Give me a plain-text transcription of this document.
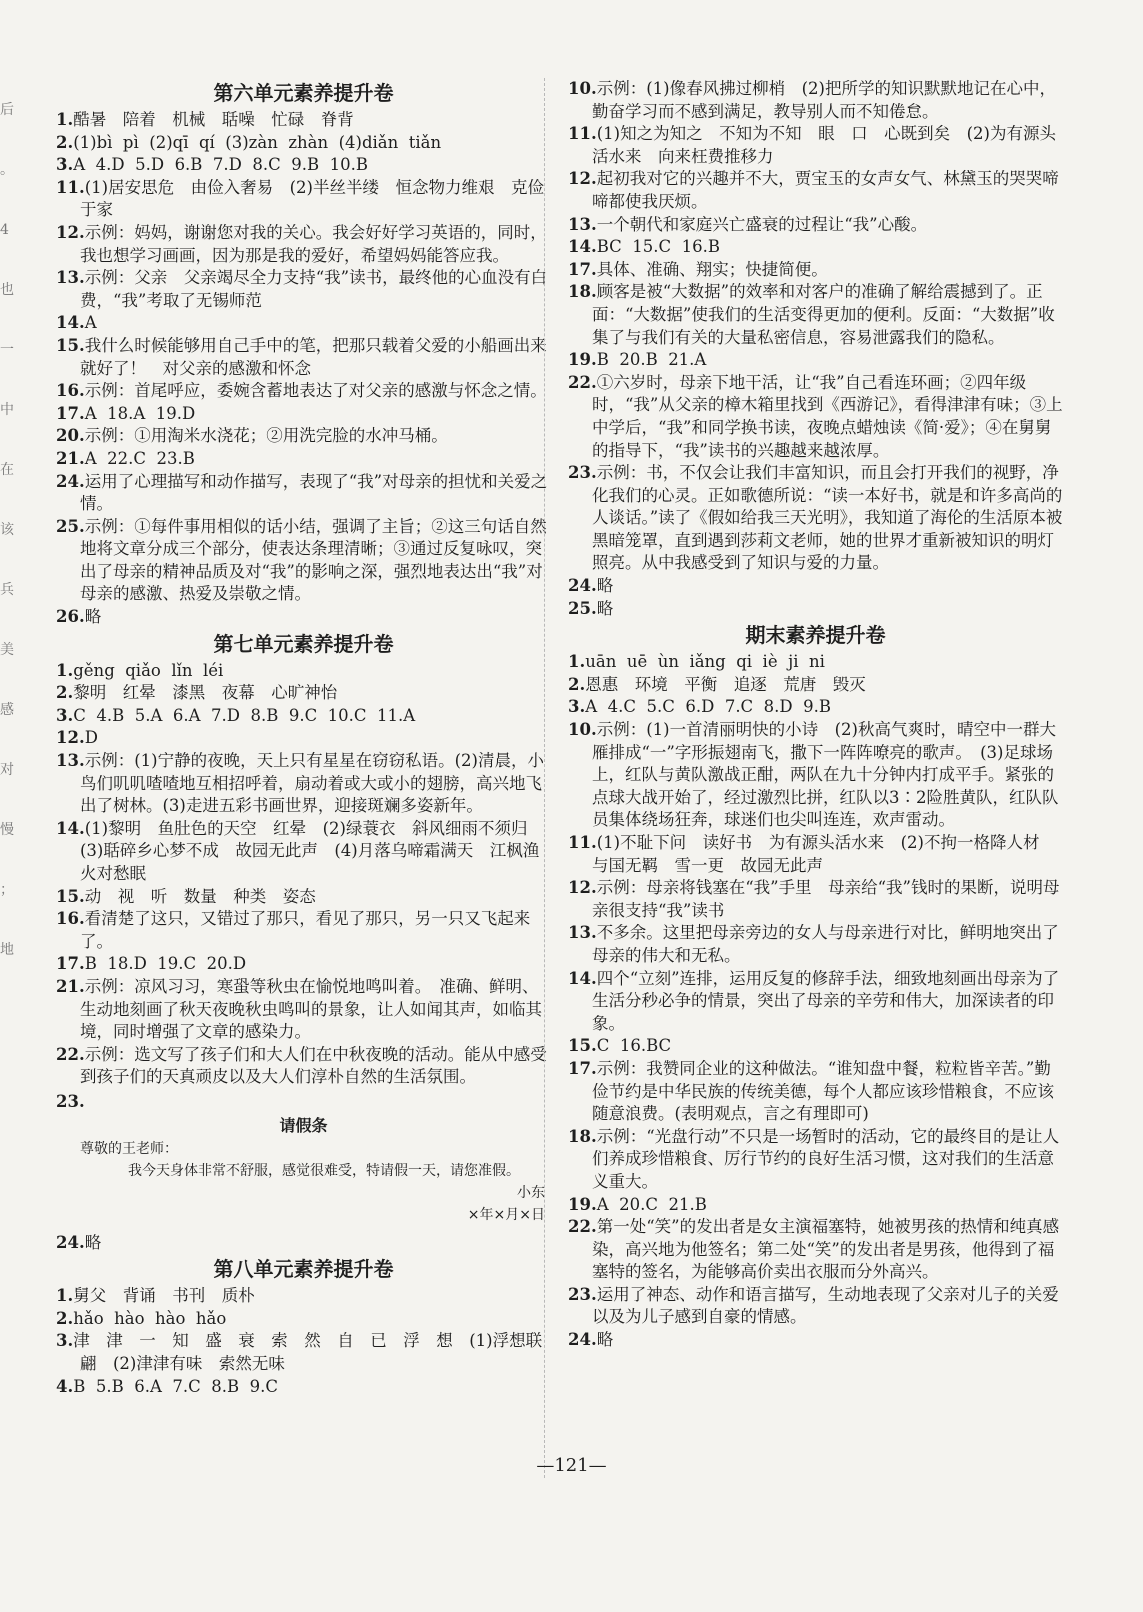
后
。
4
也
一
中
在
该
兵
美
感
对
慢
；
地
第六单元素养提升卷

1.酷暑　陪着　机械　聒噪　忙碌　脊背

2.(1)bì  pì  (2)qī  qí  (3)zàn  zhàn  (4)diǎn  tiǎn

3.A  4.D  5.D  6.B  7.D  8.C  9.B  10.B

11.(1)居安思危　由俭入奢易　(2)半丝半缕　恒念物力维艰　克俭于家

12.示例：妈妈，谢谢您对我的关心。我会好好学习英语的，同时，我也想学习画画，因为那是我的爱好，希望妈妈能答应我。

13.示例：父亲　父亲竭尽全力支持“我”读书，最终他的心血没有白费，“我”考取了无锡师范

14.A

15.我什么时候能够用自己手中的笔，把那只载着父爱的小船画出来就好了！　对父亲的感激和怀念

16.示例：首尾呼应，委婉含蓄地表达了对父亲的感激与怀念之情。

17.A  18.A  19.D

20.示例：①用淘米水浇花；②用洗完脸的水冲马桶。

21.A  22.C  23.B

24.运用了心理描写和动作描写，表现了“我”对母亲的担忧和关爱之情。

25.示例：①每件事用相似的话小结，强调了主旨；②这三句话自然地将文章分成三个部分，使表达条理清晰；③通过反复咏叹，突出了母亲的精神品质及对“我”的影响之深，强烈地表达出“我”对母亲的感激、热爱及崇敬之情。

26.略

第七单元素养提升卷

1.gěng  qiǎo  lǐn  léi

2.黎明　红晕　漆黑　夜幕　心旷神怡

3.C  4.B  5.A  6.A  7.D  8.B  9.C  10.C  11.A

12.D

13.示例：(1)宁静的夜晚，天上只有星星在窃窃私语。(2)清晨，小鸟们叽叽喳喳地互相招呼着，扇动着或大或小的翅膀，高兴地飞出了树林。(3)走进五彩书画世界，迎接斑斓多姿新年。

14.(1)黎明　鱼肚色的天空　红晕　(2)绿蓑衣　斜风细雨不须归　(3)聒碎乡心梦不成　故园无此声　(4)月落乌啼霜满天　江枫渔火对愁眠

15.动　视　听　数量　种类　姿态

16.看清楚了这只，又错过了那只，看见了那只，另一只又飞起来了。

17.B  18.D  19.C  20.D

21.示例：凉风习习，寒蛩等秋虫在愉悦地鸣叫着。　准确、鲜明、生动地刻画了秋天夜晚秋虫鸣叫的景象，让人如闻其声，如临其境，同时增强了文章的感染力。

22.示例：选文写了孩子们和大人们在中秋夜晚的活动。能从中感受到孩子们的天真顽皮以及大人们淳朴自然的生活氛围。

23.

请假条
尊敬的王老师：
我今天身体非常不舒服，感觉很难受，特请假一天，请您准假。
小东
×年×月×日

24.略

第八单元素养提升卷

1.舅父　背诵　书刊　质朴

2.hǎo  hào  hào  hǎo

3.津　津　一　知　盛　衰　索　然　自　已　浮　想　(1)浮想联翩　(2)津津有味　索然无味

4.B  5.B  6.A  7.C  8.B  9.C

10.示例：(1)像春风拂过柳梢　(2)把所学的知识默默地记在心中，勤奋学习而不感到满足，教导别人而不知倦怠。

11.(1)知之为知之　不知为不知　眼　口　心既到矣　(2)为有源头活水来　向来枉费推移力

12.起初我对它的兴趣并不大，贾宝玉的女声女气、林黛玉的哭哭啼啼都使我厌烦。

13.一个朝代和家庭兴亡盛衰的过程让“我”心酸。

14.BC  15.C  16.B

17.具体、准确、翔实；快捷简便。

18.顾客是被“大数据”的效率和对客户的准确了解给震撼到了。正面：“大数据”使我们的生活变得更加的便利。反面：“大数据”收集了与我们有关的大量私密信息，容易泄露我们的隐私。

19.B  20.B  21.A

22.①六岁时，母亲下地干活，让“我”自己看连环画；②四年级时，“我”从父亲的樟木箱里找到《西游记》，看得津津有味；③上中学后，“我”和同学换书读，夜晚点蜡烛读《简·爱》；④在舅舅的指导下，“我”读书的兴趣越来越浓厚。

23.示例：书，不仅会让我们丰富知识，而且会打开我们的视野，净化我们的心灵。正如歌德所说：“读一本好书，就是和许多高尚的人谈话。”读了《假如给我三天光明》，我知道了海伦的生活原本被黑暗笼罩，直到遇到莎莉文老师，她的世界才重新被知识的明灯照亮。从中我感受到了知识与爱的力量。

24.略

25.略

期末素养提升卷

1.uān  uē  ùn  iǎng  qi  iè  ji  ni

2.恩惠　环境　平衡　追逐　荒唐　毁灭

3.A  4.C  5.C  6.D  7.C  8.D  9.B

10.示例：(1)一首清丽明快的小诗　(2)秋高气爽时，晴空中一群大雁排成“一”字形振翅南飞，撒下一阵阵嘹亮的歌声。　(3)足球场上，红队与黄队激战正酣，两队在九十分钟内打成平手。紧张的点球大战开始了，经过激烈比拼，红队以3∶2险胜黄队，红队队员集体绕场狂奔，球迷们也尖叫连连，欢声雷动。

11.(1)不耻下问　读好书　为有源头活水来　(2)不拘一格降人材　与国无羁　雪一更　故园无此声

12.示例：母亲将钱塞在“我”手里　母亲给“我”钱时的果断，说明母亲很支持“我”读书

13.不多余。这里把母亲旁边的女人与母亲进行对比，鲜明地突出了母亲的伟大和无私。

14.四个“立刻”连排，运用反复的修辞手法，细致地刻画出母亲为了生活分秒必争的情景，突出了母亲的辛劳和伟大，加深读者的印象。

15.C  16.BC

17.示例：我赞同企业的这种做法。“谁知盘中餐，粒粒皆辛苦。”勤俭节约是中华民族的传统美德，每个人都应该珍惜粮食，不应该随意浪费。(表明观点，言之有理即可)

18.示例：“光盘行动”不只是一场暂时的活动，它的最终目的是让人们养成珍惜粮食、厉行节约的良好生活习惯，这对我们的生活意义重大。

19.A  20.C  21.B

22.第一处“笑”的发出者是女主演福塞特，她被男孩的热情和纯真感染，高兴地为他签名；第二处“笑”的发出者是男孩，他得到了福塞特的签名，为能够高价卖出衣服而分外高兴。

23.运用了神态、动作和语言描写，生动地表现了父亲对儿子的关爱以及为儿子感到自豪的情感。

24.略

—121—
